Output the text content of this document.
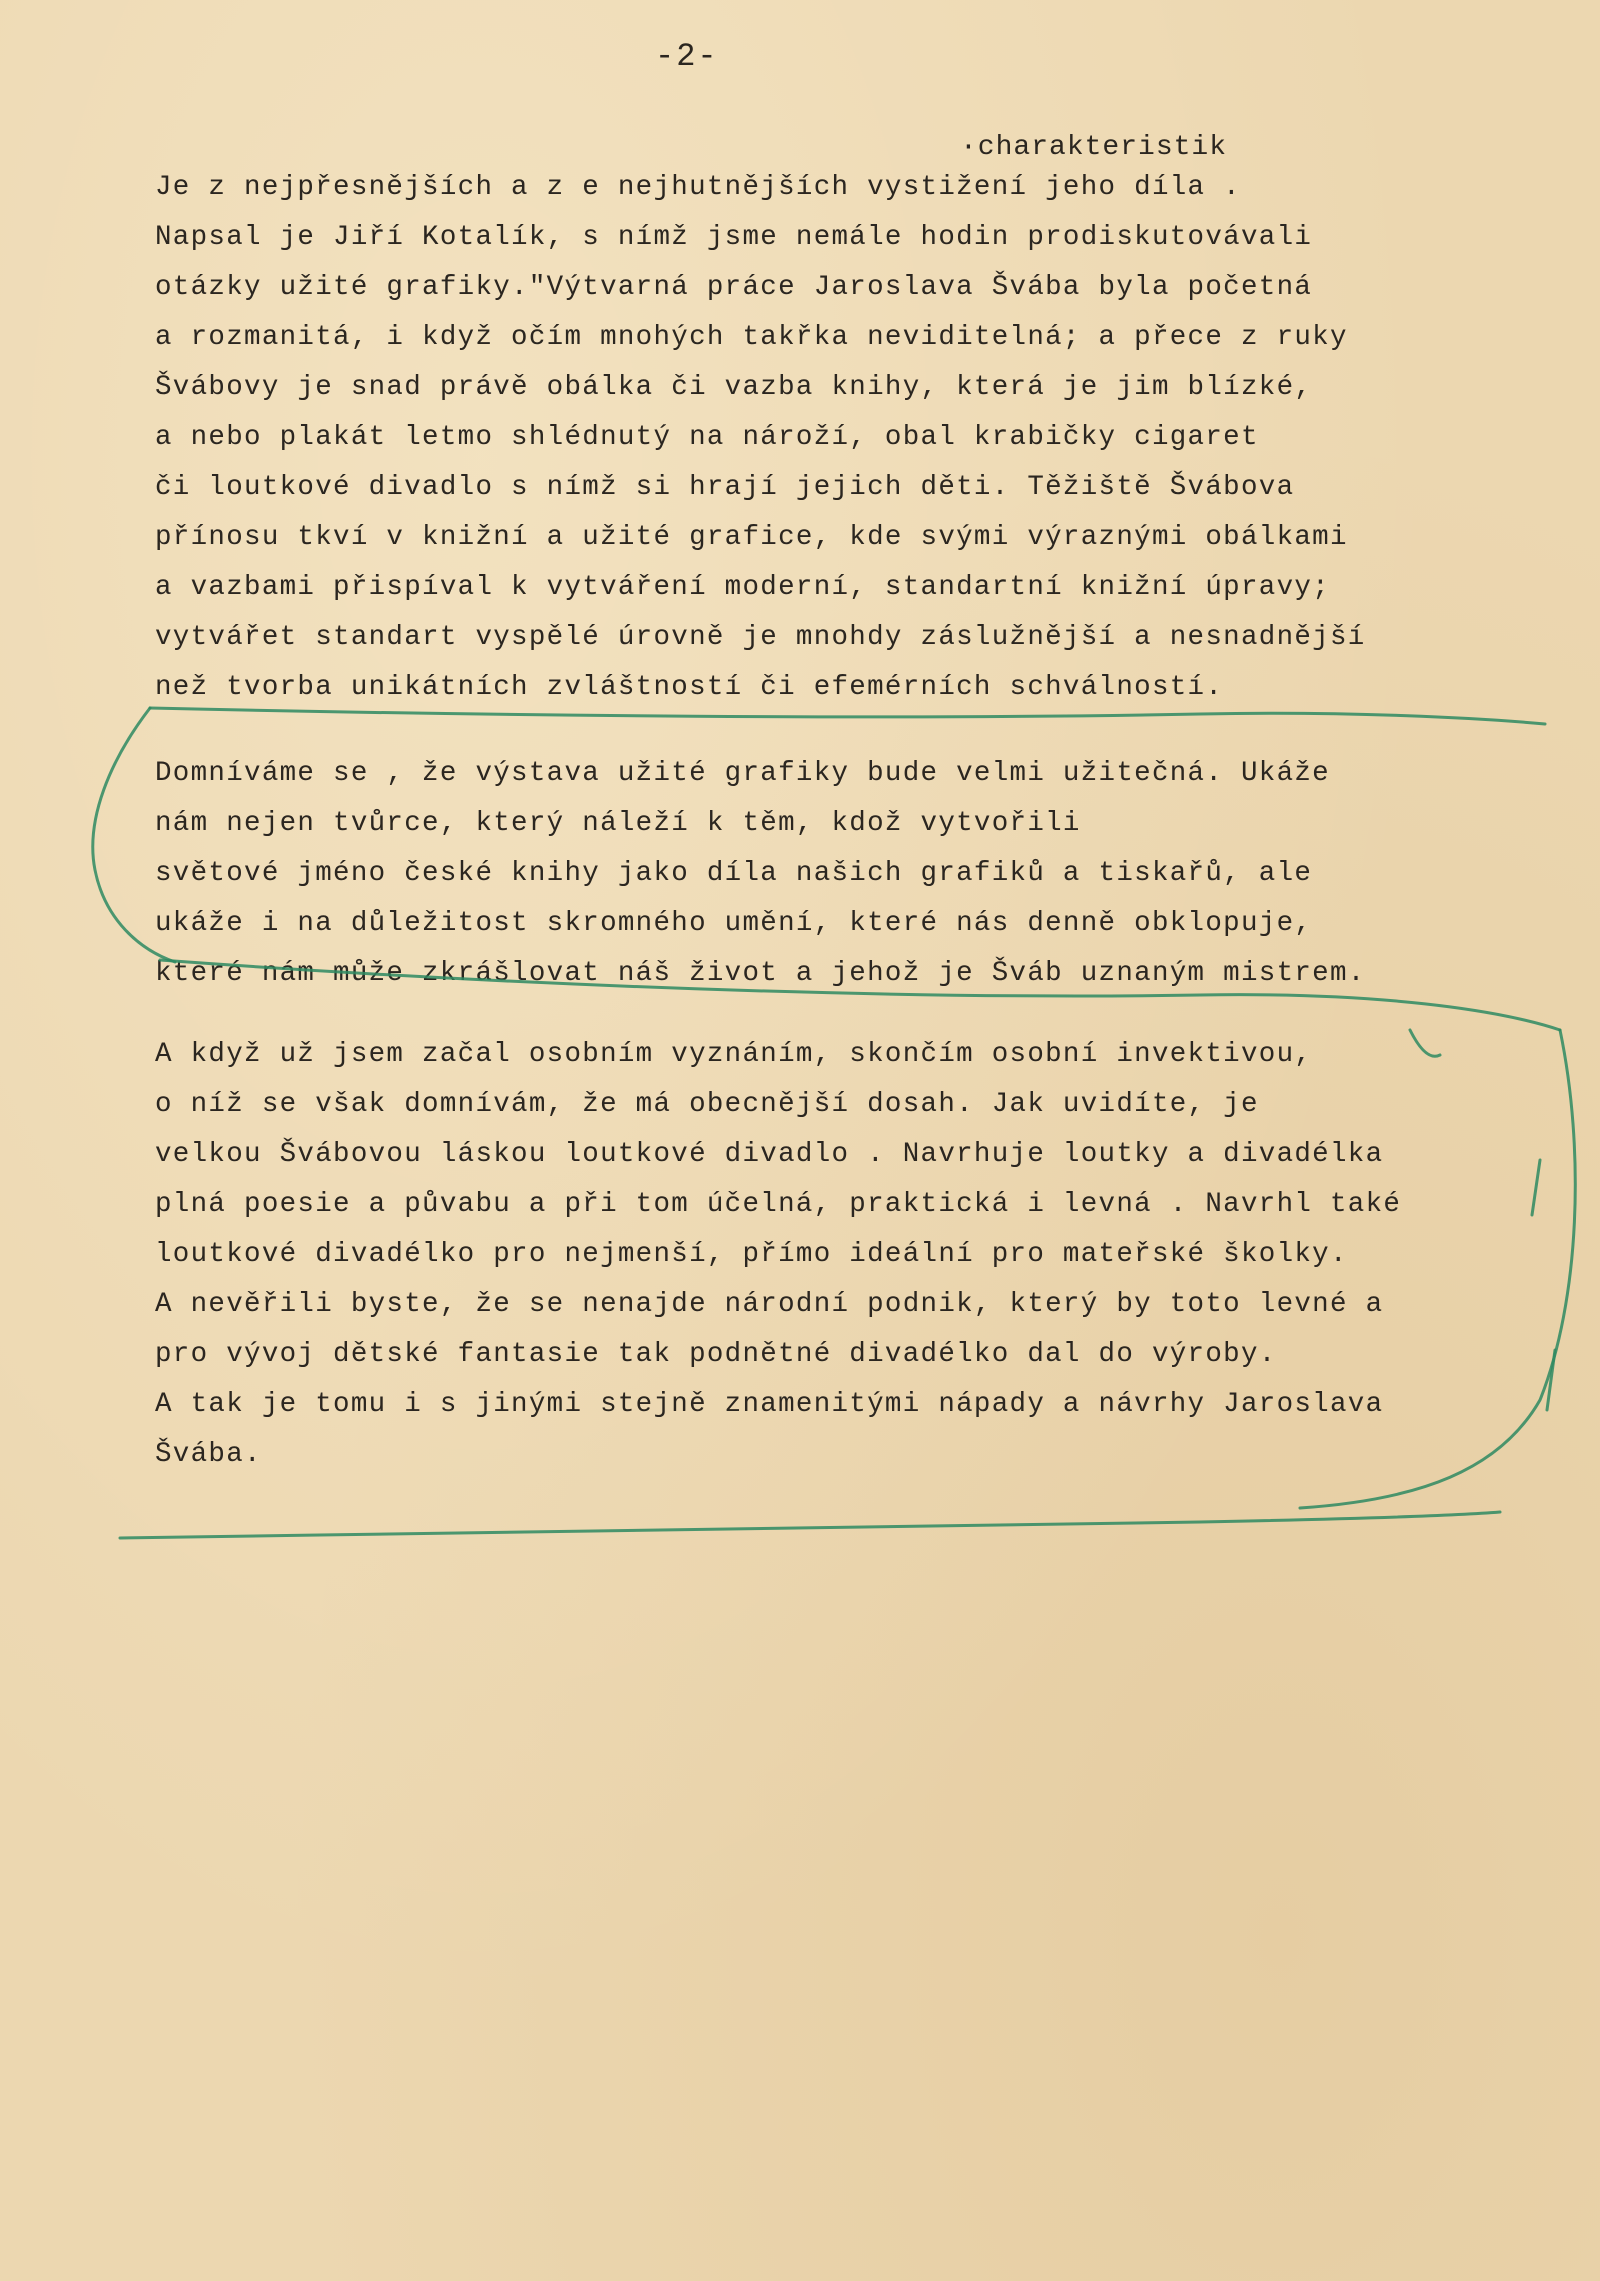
-2-
·charakteristik
Je z nejpřesnějších a z e nejhutnějších vystižení jeho díla .
Napsal je Jiří Kotalík, s nímž jsme nemále hodin prodiskutovávali
otázky užité grafiky."Výtvarná práce Jaroslava Švába byla početná
a rozmanitá, i když očím mnohých takřka neviditelná; a přece z ruky
Švábovy je snad právě obálka či vazba knihy, která je jim blízké,
a nebo plakát letmo shlédnutý na nároží, obal krabičky cigaret
či loutkové divadlo s nímž si hrají jejich děti. Těžiště Švábova
přínosu tkví v knižní a užité grafice, kde svými výraznými obálkami
a vazbami přispíval k vytváření moderní, standartní knižní úpravy;
vytvářet standart vyspělé úrovně je mnohdy záslužnější a nesnadnější
než tvorba unikátních zvláštností či efemérních schválností.
Domníváme se , že výstava užité grafiky bude velmi užitečná. Ukáže
nám nejen tvůrce, který náleží k těm, kdož vytvořili
světové jméno české knihy jako díla našich grafiků a tiskařů, ale
ukáže i na důležitost skromného umění, které nás denně obklopuje,
které nám může zkrášlovat náš život a jehož je Šváb uznaným mistrem.
A když už jsem začal osobním vyznáním, skončím osobní invektivou,
o níž se však domnívám, že má obecnější dosah. Jak uvidíte, je
velkou Švábovou láskou loutkové divadlo . Navrhuje loutky a divadélka
plná poesie a půvabu a při tom účelná, praktická i levná . Navrhl také
loutkové divadélko pro nejmenší, přímo ideální pro mateřské školky.
A nevěřili byste, že se nenajde národní podnik, který by toto levné a
pro vývoj dětské fantasie tak podnětné divadélko dal do výroby.
A tak je tomu i s jinými stejně znamenitými nápady a návrhy Jaroslava
Švába.
